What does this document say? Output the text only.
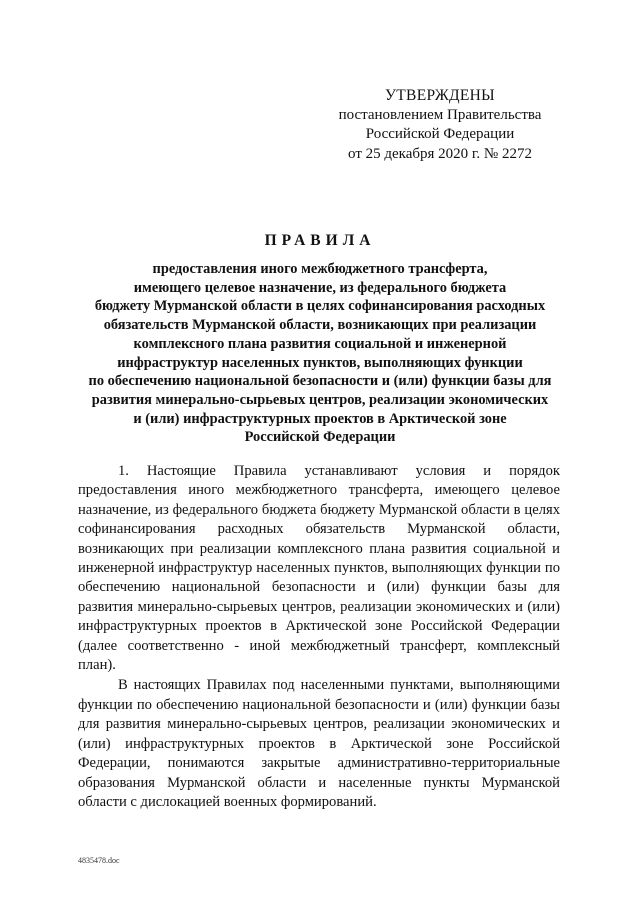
УТВЕРЖДЕНЫ
постановлением Правительства
Российской Федерации
от 25 декабря 2020 г. № 2272
ПРАВИЛА
предоставления иного межбюджетного трансферта,
имеющего целевое назначение, из федерального бюджета
бюджету Мурманской области в целях софинансирования расходных
обязательств Мурманской области, возникающих при реализации
комплексного плана развития социальной и инженерной
инфраструктур населенных пунктов, выполняющих функции
по обеспечению национальной безопасности и (или) функции базы для
развития минерально-сырьевых центров, реализации экономических
и (или) инфраструктурных проектов в Арктической зоне
Российской Федерации

1. Настоящие Правила устанавливают условия и порядок предоставления иного межбюджетного трансферта, имеющего целевое назначение, из федерального бюджета бюджету Мурманской области в целях софинансирования расходных обязательств Мурманской области, возникающих при реализации комплексного плана развития социальной и инженерной инфраструктур населенных пунктов, выполняющих функции по обеспечению национальной безопасности и (или) функции базы для развития минерально-сырьевых центров, реализации экономических и (или) инфраструктурных проектов в Арктической зоне Российской Федерации (далее соответственно - иной межбюджетный трансферт, комплексный план).

В настоящих Правилах под населенными пунктами, выполняющими функции по обеспечению национальной безопасности и (или) функции базы для развития минерально-сырьевых центров, реализации экономических и (или) инфраструктурных проектов в Арктической зоне Российской Федерации, понимаются закрытые административно-территориальные образования Мурманской области и населенные пункты Мурманской области с дислокацией военных формирований.

4835478.doc
